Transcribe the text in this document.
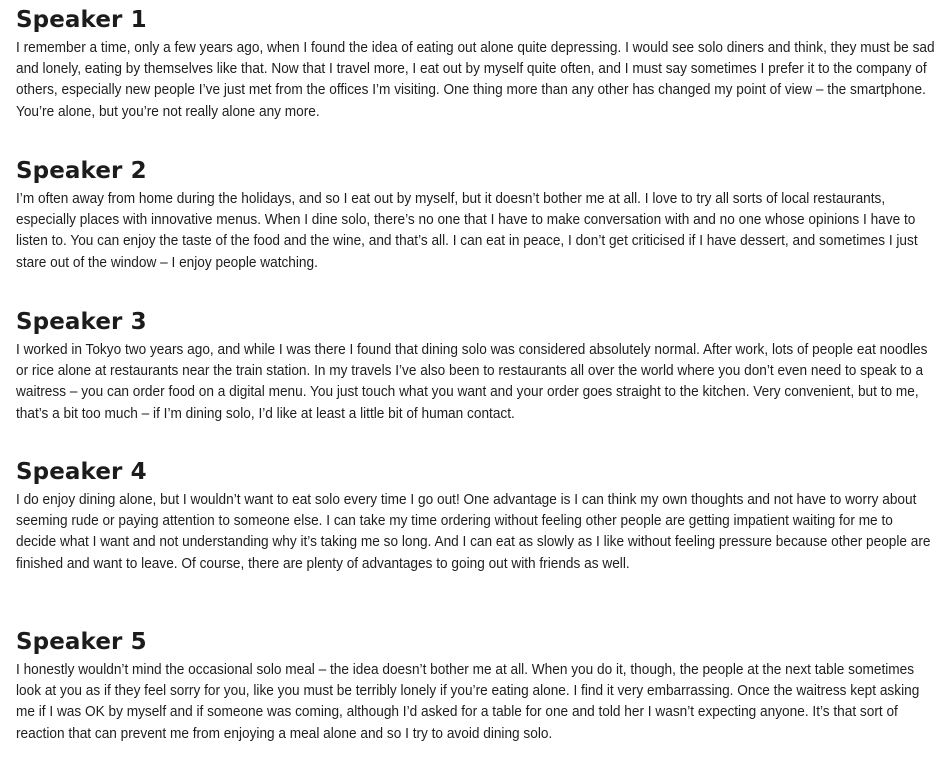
Speaker 1

I remember a time, only a few years ago, when I found the idea of eating out alone quite depressing. I would see solo diners and think, they must be sad and lonely, eating by themselves like that. Now that I travel more, I eat out by myself quite often, and I must say sometimes I prefer it to the company of others, especially new people I’ve just met from the offices I’m visiting. One thing more than any other has changed my point of view – the smartphone. You’re alone, but you’re not really alone any more.

Speaker 2

I’m often away from home during the holidays, and so I eat out by myself, but it doesn’t bother me at all. I love to try all sorts of local restaurants, especially places with innovative menus. When I dine solo, there’s no one that I have to make conversation with and no one whose opinions I have to listen to. You can enjoy the taste of the food and the wine, and that’s all. I can eat in peace, I don’t get criticised if I have dessert, and sometimes I just stare out of the window – I enjoy people watching.

Speaker 3

I worked in Tokyo two years ago, and while I was there I found that dining solo was considered absolutely normal. After work, lots of people eat noodles or rice alone at restaurants near the train station. In my travels I’ve also been to restaurants all over the world where you don’t even need to speak to a waitress – you can order food on a digital menu. You just touch what you want and your order goes straight to the kitchen. Very convenient, but to me, that’s a bit too much – if I’m dining solo, I’d like at least a little bit of human contact.

Speaker 4

I do enjoy dining alone, but I wouldn’t want to eat solo every time I go out! One advantage is I can think my own thoughts and not have to worry about seeming rude or paying attention to someone else. I can take my time ordering without feeling other people are getting impatient waiting for me to decide what I want and not understanding why it’s taking me so long. And I can eat as slowly as I like without feeling pressure because other people are finished and want to leave. Of course, there are plenty of advantages to going out with friends as well.

Speaker 5

I honestly wouldn’t mind the occasional solo meal – the idea doesn’t bother me at all. When you do it, though, the people at the next table sometimes look at you as if they feel sorry for you, like you must be terribly lonely if you’re eating alone. I find it very embarrassing. Once the waitress kept asking me if I was OK by myself and if someone was coming, although I’d asked for a table for one and told her I wasn’t expecting anyone. It’s that sort of reaction that can prevent me from enjoying a meal alone and so I try to avoid dining solo.
